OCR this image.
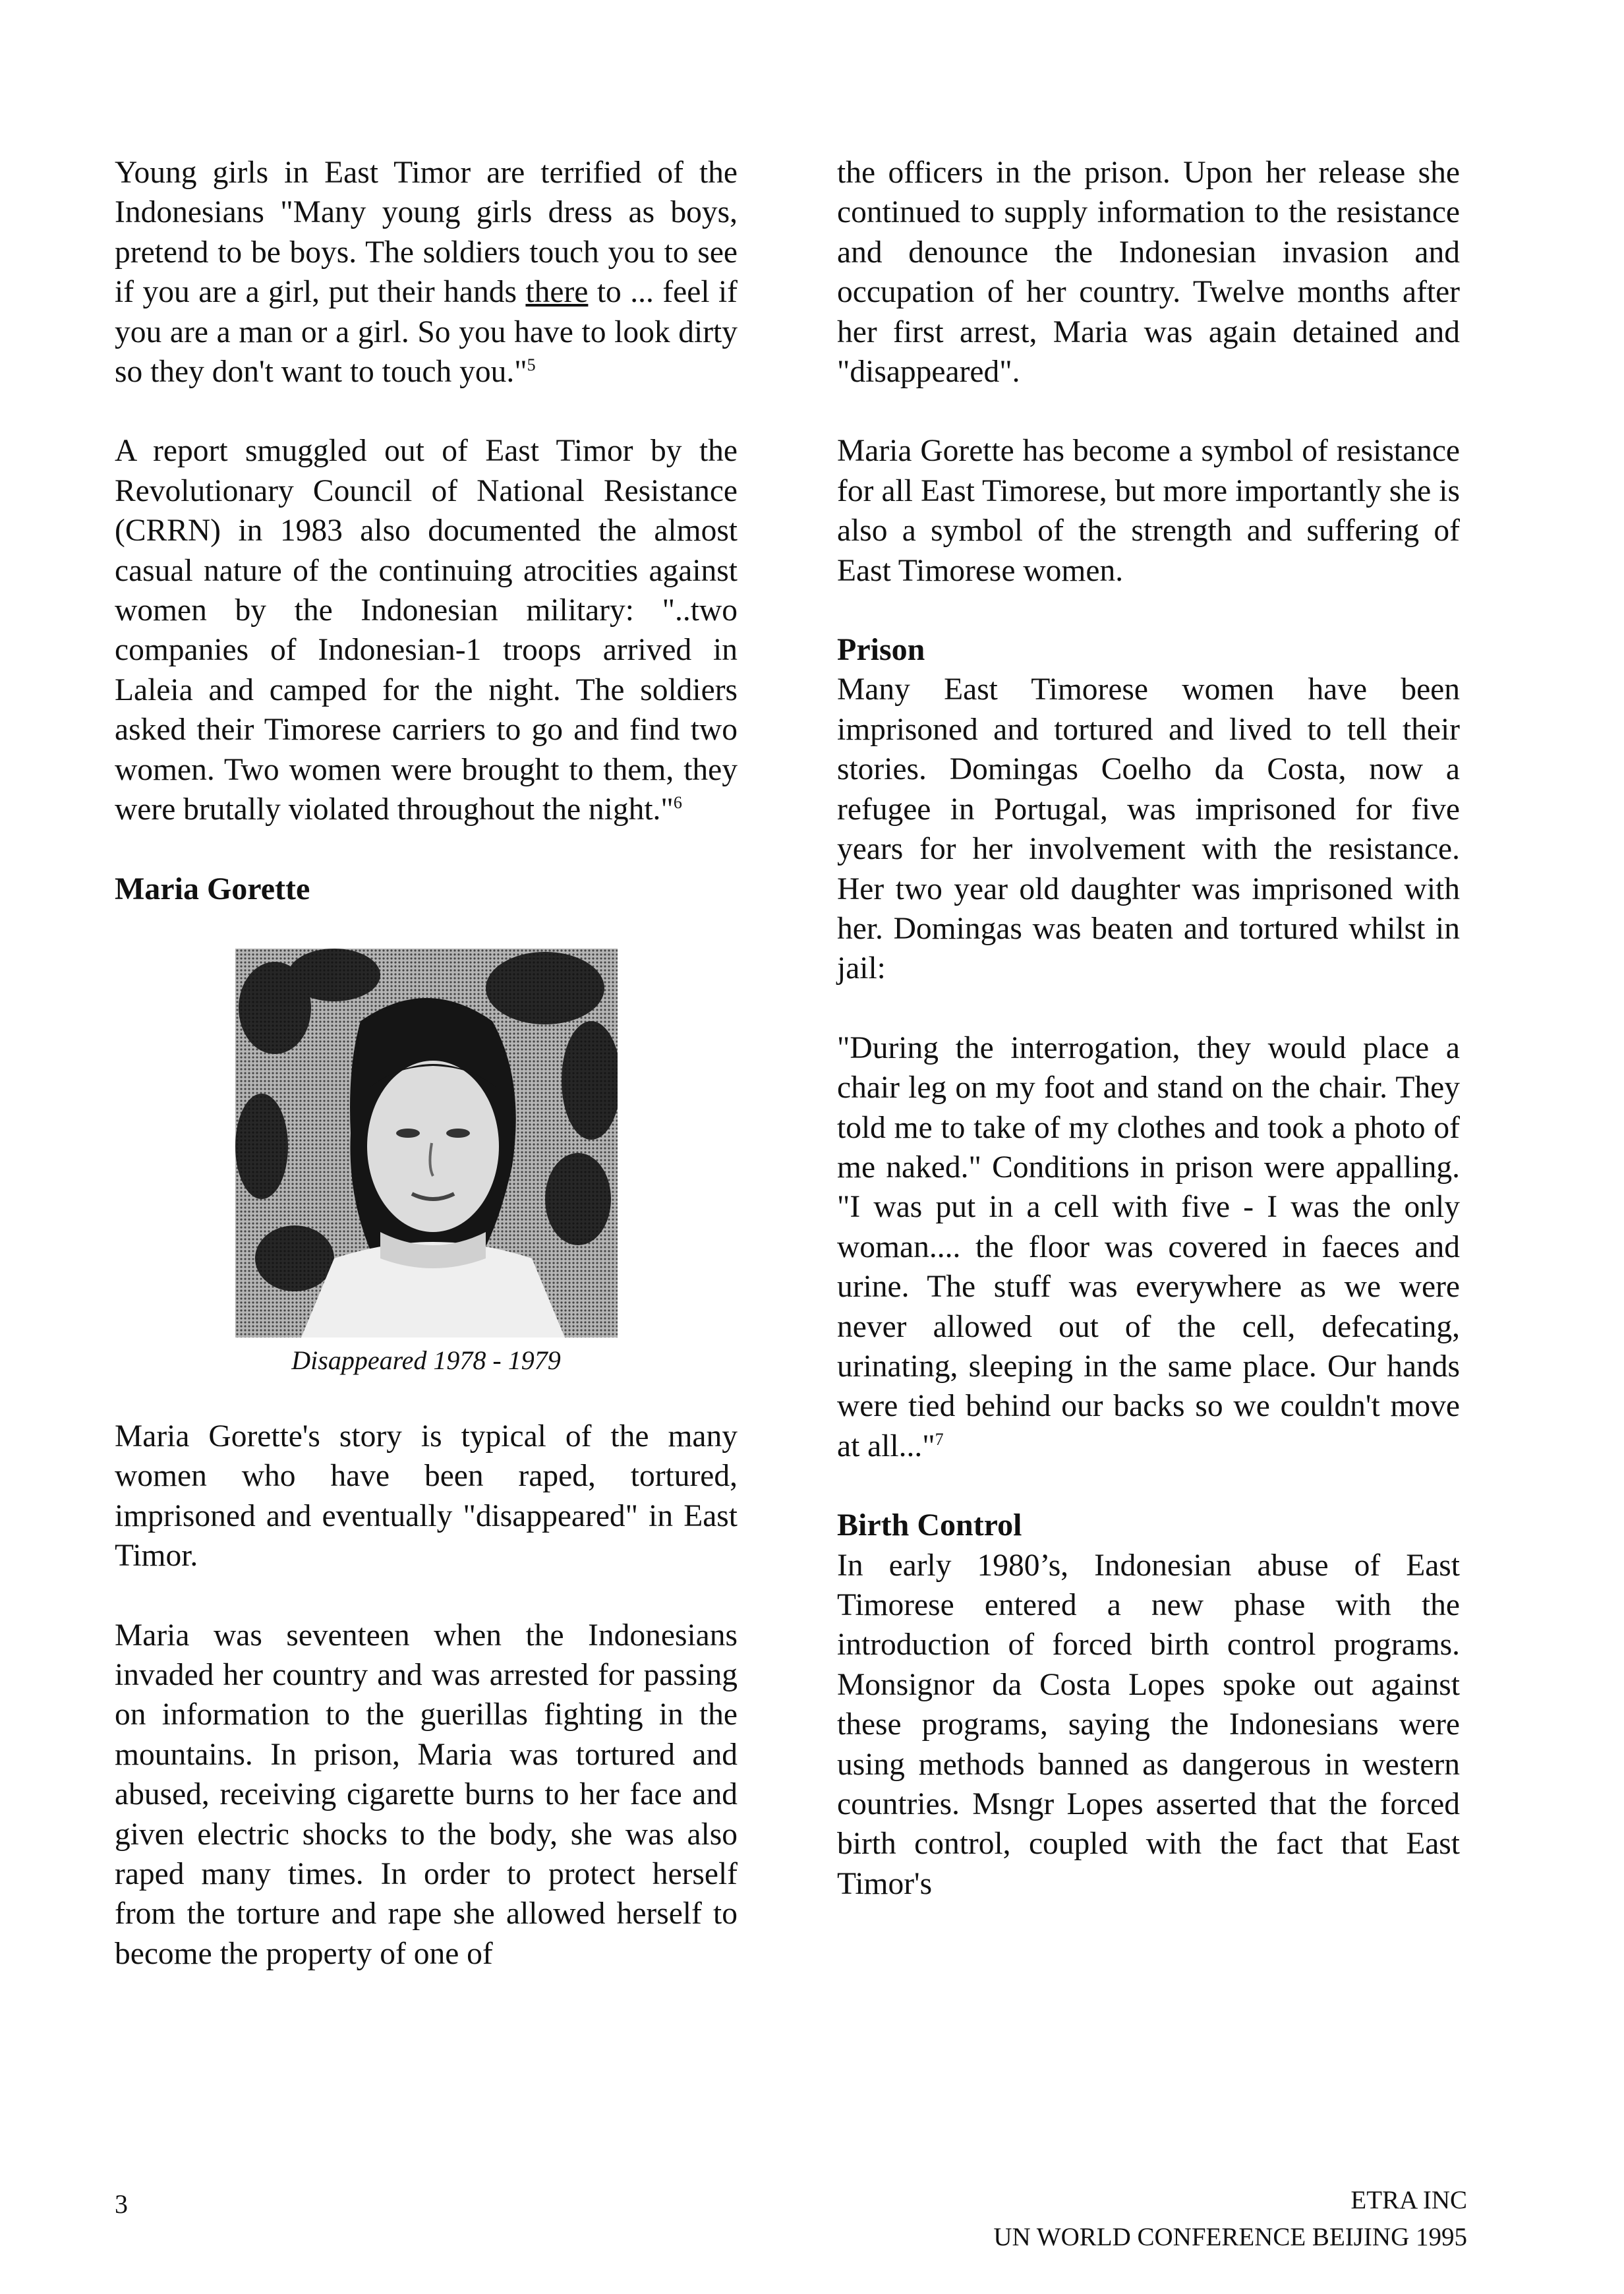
Young girls in East Timor are terrified of the Indonesians "Many young girls dress as boys, pretend to be boys. The soldiers touch you to see if you are a girl, put their hands there to ... feel if you are a man or a girl. So you have to look dirty so they don't want to touch you."$^5$

A report smuggled out of East Timor by the Revolutionary Council of National Resistance (CRRN) in 1983 also documented the almost casual nature of the continuing atrocities against women by the Indonesian military: "..two companies of Indonesian-1 troops arrived in Laleia and camped for the night. The soldiers asked their Timorese carriers to go and find two women. Two women were brought to them, they were brutally violated throughout the night."$^6$

Maria Gorette
Disappeared 1978 - 1979

Maria Gorette's story is typical of the many women who have been raped, tortured, imprisoned and eventually "disappeared" in East Timor.

Maria was seventeen when the Indonesians invaded her country and was arrested for passing on information to the guerillas fighting in the mountains. In prison, Maria was tortured and abused, receiving cigarette burns to her face and given electric shocks to the body, she was also raped many times. In order to protect herself from the torture and rape she allowed herself to become the property of one of

the officers in the prison. Upon her release she continued to supply information to the resistance and denounce the Indonesian invasion and occupation of her country. Twelve months after her first arrest, Maria was again detained and "disappeared".

Maria Gorette has become a symbol of resistance for all East Timorese, but more importantly she is also a symbol of the strength and suffering of East Timorese women.

Prison

Many East Timorese women have been imprisoned and tortured and lived to tell their stories. Domingas Coelho da Costa, now a refugee in Portugal, was imprisoned for five years for her involvement with the resistance. Her two year old daughter was imprisoned with her. Domingas was beaten and tortured whilst in jail:

"During the interrogation, they would place a chair leg on my foot and stand on the chair. They told me to take of my clothes and took a photo of me naked." Conditions in prison were appalling. "I was put in a cell with five - I was the only woman.... the floor was covered in faeces and urine. The stuff was everywhere as we were never allowed out of the cell, defecating, urinating, sleeping in the same place. Our hands were tied behind our backs so we couldn't move at all..."$^7$

Birth Control

In early 1980’s, Indonesian abuse of East Timorese entered a new phase with the introduction of forced birth control programs. Monsignor da Costa Lopes spoke out against these programs, saying the Indonesians were using methods banned as dangerous in western countries. Msngr Lopes asserted that the forced birth control, coupled with the fact that East Timor's

3	ETRA INC
UN WORLD CONFERENCE BEIJING 1995
